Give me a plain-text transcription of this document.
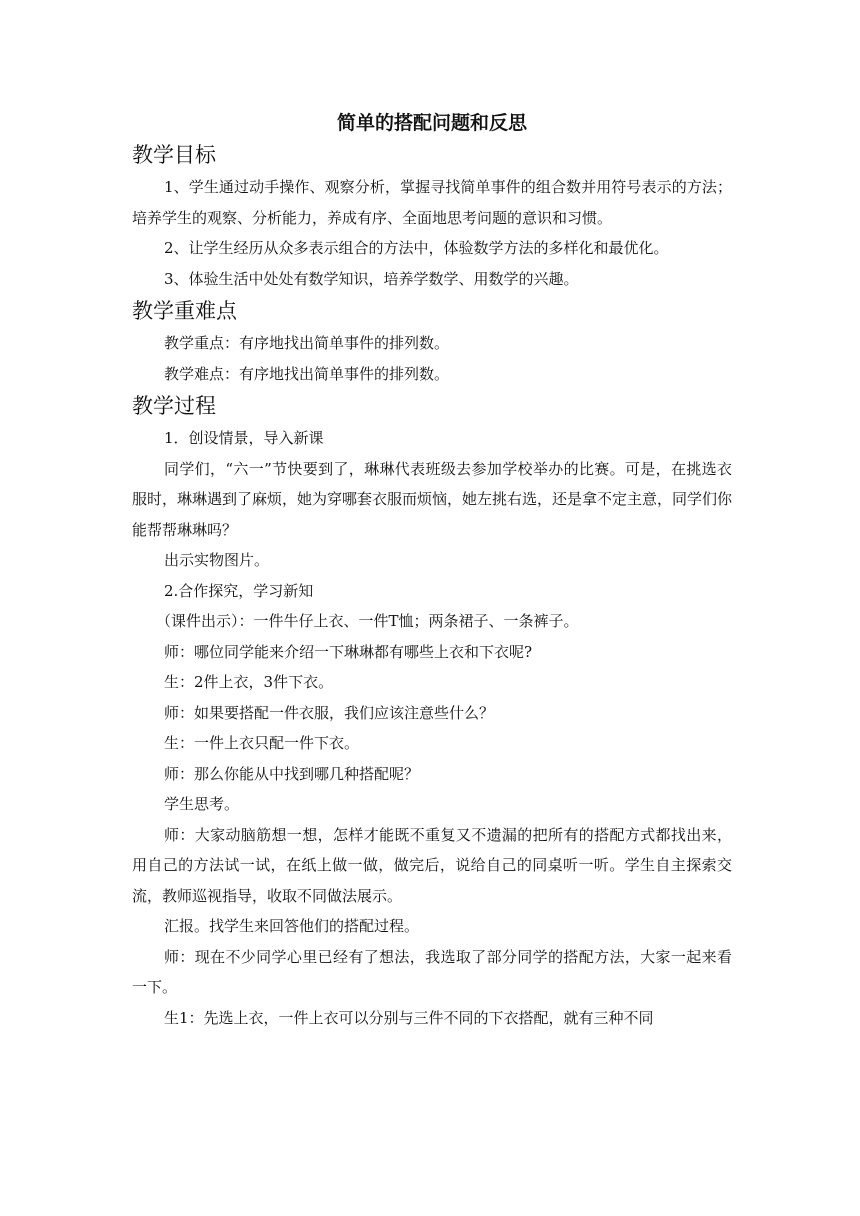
简单的搭配问题和反思
教学目标

1、学生通过动手操作、观察分析，掌握寻找简单事件的组合数并用符号表示的方法；培养学生的观察、分析能力，养成有序、全面地思考问题的意识和习惯。

2、让学生经历从众多表示组合的方法中，体验数学方法的多样化和最优化。

3、体验生活中处处有数学知识，培养学数学、用数学的兴趣。

教学重难点

教学重点：有序地找出简单事件的排列数。

教学难点：有序地找出简单事件的排列数。

教学过程

1．创设情景，导入新课

同学们，“六一”节快要到了，琳琳代表班级去参加学校举办的比赛。可是，在挑选衣服时，琳琳遇到了麻烦，她为穿哪套衣服而烦恼，她左挑右选，还是拿不定主意，同学们你能帮帮琳琳吗？

出示实物图片。

2.合作探究，学习新知

（课件出示）：一件牛仔上衣、一件T恤；两条裙子、一条裤子。

师：哪位同学能来介绍一下琳琳都有哪些上衣和下衣呢?

生：2件上衣，3件下衣。

师：如果要搭配一件衣服，我们应该注意些什么？

生：一件上衣只配一件下衣。

师：那么你能从中找到哪几种搭配呢？

学生思考。

师：大家动脑筋想一想，怎样才能既不重复又不遗漏的把所有的搭配方式都找出来，用自己的方法试一试，在纸上做一做，做完后，说给自己的同桌听一听。学生自主探索交流，教师巡视指导，收取不同做法展示。

汇报。找学生来回答他们的搭配过程。

师：现在不少同学心里已经有了想法，我选取了部分同学的搭配方法，大家一起来看一下。

生1：先选上衣，一件上衣可以分别与三件不同的下衣搭配，就有三种不同
